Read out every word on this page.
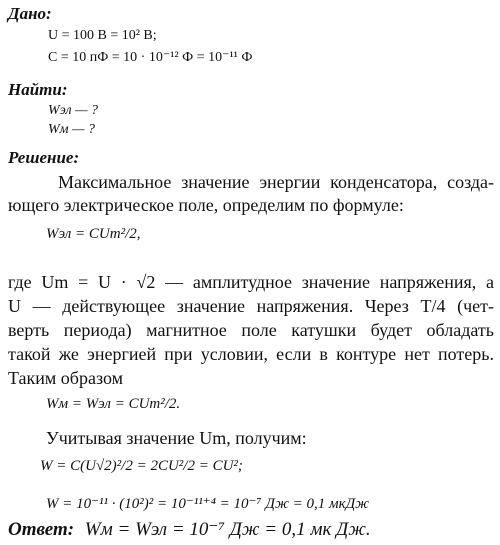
Дано:
U = 100 В = 10² В;
C = 10 пФ = 10 · 10⁻¹² Ф = 10⁻¹¹ Ф
Найти:
Wэл — ?
Wм — ?
Решение:
Максимальное значение энергии конденсатора, созда-
ющего электрическое поле, определим по формуле:
Wэл = CUm²/2,
где Um = U · √2 — амплитудное значение напряжения, а
U — действующее значение напряжения. Через T/4 (чет-
верть периода) магнитное поле катушки будет обладать
такой же энергией при условии, если в контуре нет потерь.
Таким образом
Wм = Wэл = CUm²/2.
Учитывая значение Um, получим:
W = C(U√2)²/2 = 2CU²/2 = CU²;
W = 10⁻¹¹ · (10²)² = 10⁻¹¹⁺⁴ = 10⁻⁷ Дж = 0,1 мкДж
Ответ: Wм = Wэл = 10⁻⁷ Дж = 0,1 мк Дж.
